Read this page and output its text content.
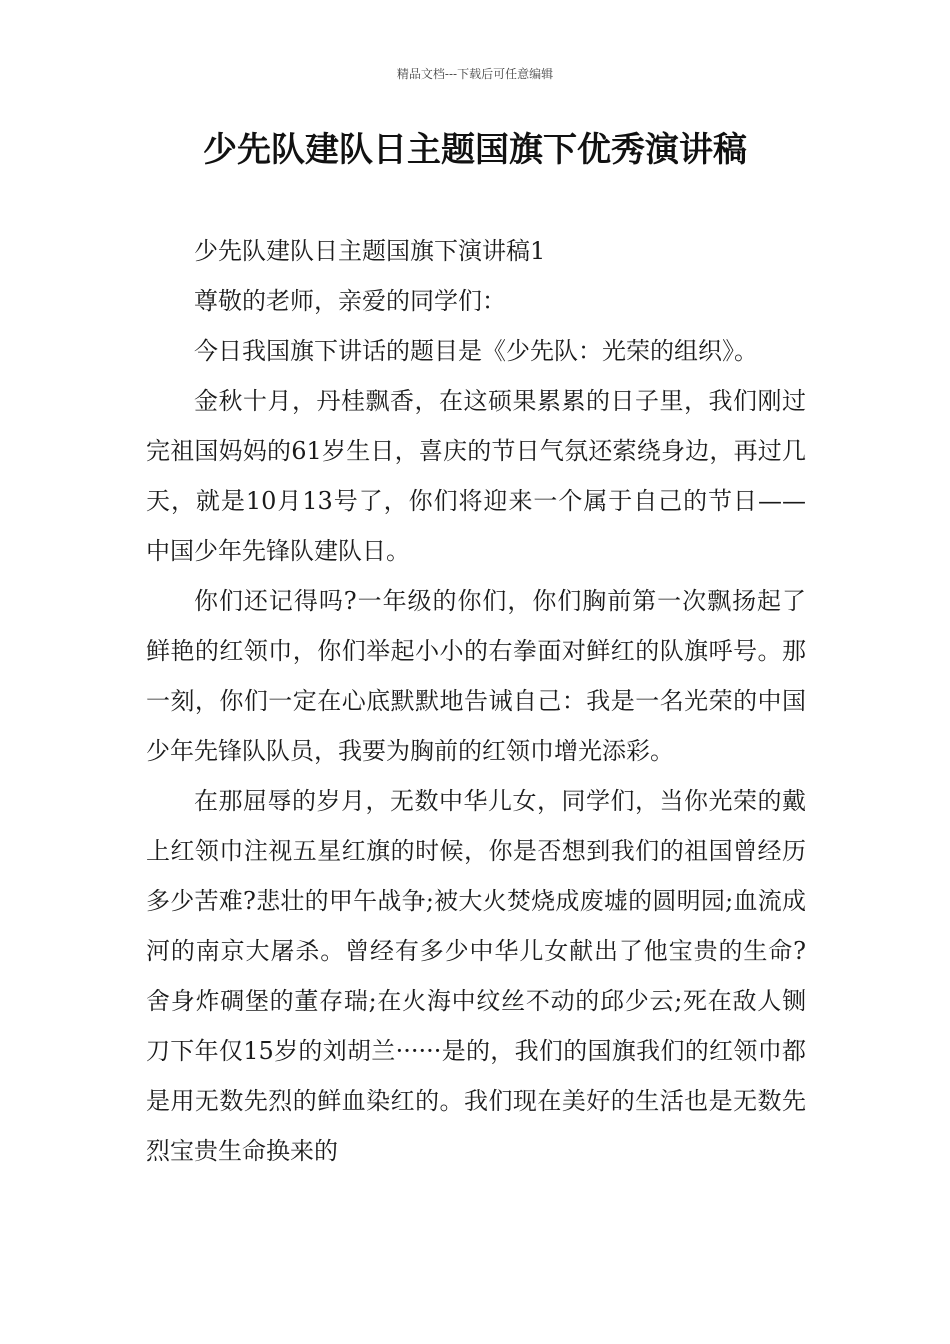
精品文档---下载后可任意编辑
少先队建队日主题国旗下优秀演讲稿

少先队建队日主题国旗下演讲稿1

尊敬的老师，亲爱的同学们：

今日我国旗下讲话的题目是《少先队：光荣的组织》。

金秋十月，丹桂飘香，在这硕果累累的日子里，我们刚过完祖国妈妈的61岁生日，喜庆的节日气氛还萦绕身边，再过几天，就是10月13号了，你们将迎来一个属于自己的节日——中国少年先锋队建队日。

你们还记得吗?一年级的你们，你们胸前第一次飘扬起了鲜艳的红领巾，你们举起小小的右拳面对鲜红的队旗呼号。那一刻，你们一定在心底默默地告诫自己：我是一名光荣的中国少年先锋队队员，我要为胸前的红领巾增光添彩。

在那屈辱的岁月，无数中华儿女，同学们，当你光荣的戴上红领巾注视五星红旗的时候，你是否想到我们的祖国曾经历多少苦难?悲壮的甲午战争;被大火焚烧成废墟的圆明园;血流成河的南京大屠杀。曾经有多少中华儿女献出了他宝贵的生命?舍身炸碉堡的董存瑞;在火海中纹丝不动的邱少云;死在敌人铡刀下年仅15岁的刘胡兰······是的，我们的国旗我们的红领巾都是用无数先烈的鲜血染红的。我们现在美好的生活也是无数先烈宝贵生命换来的
